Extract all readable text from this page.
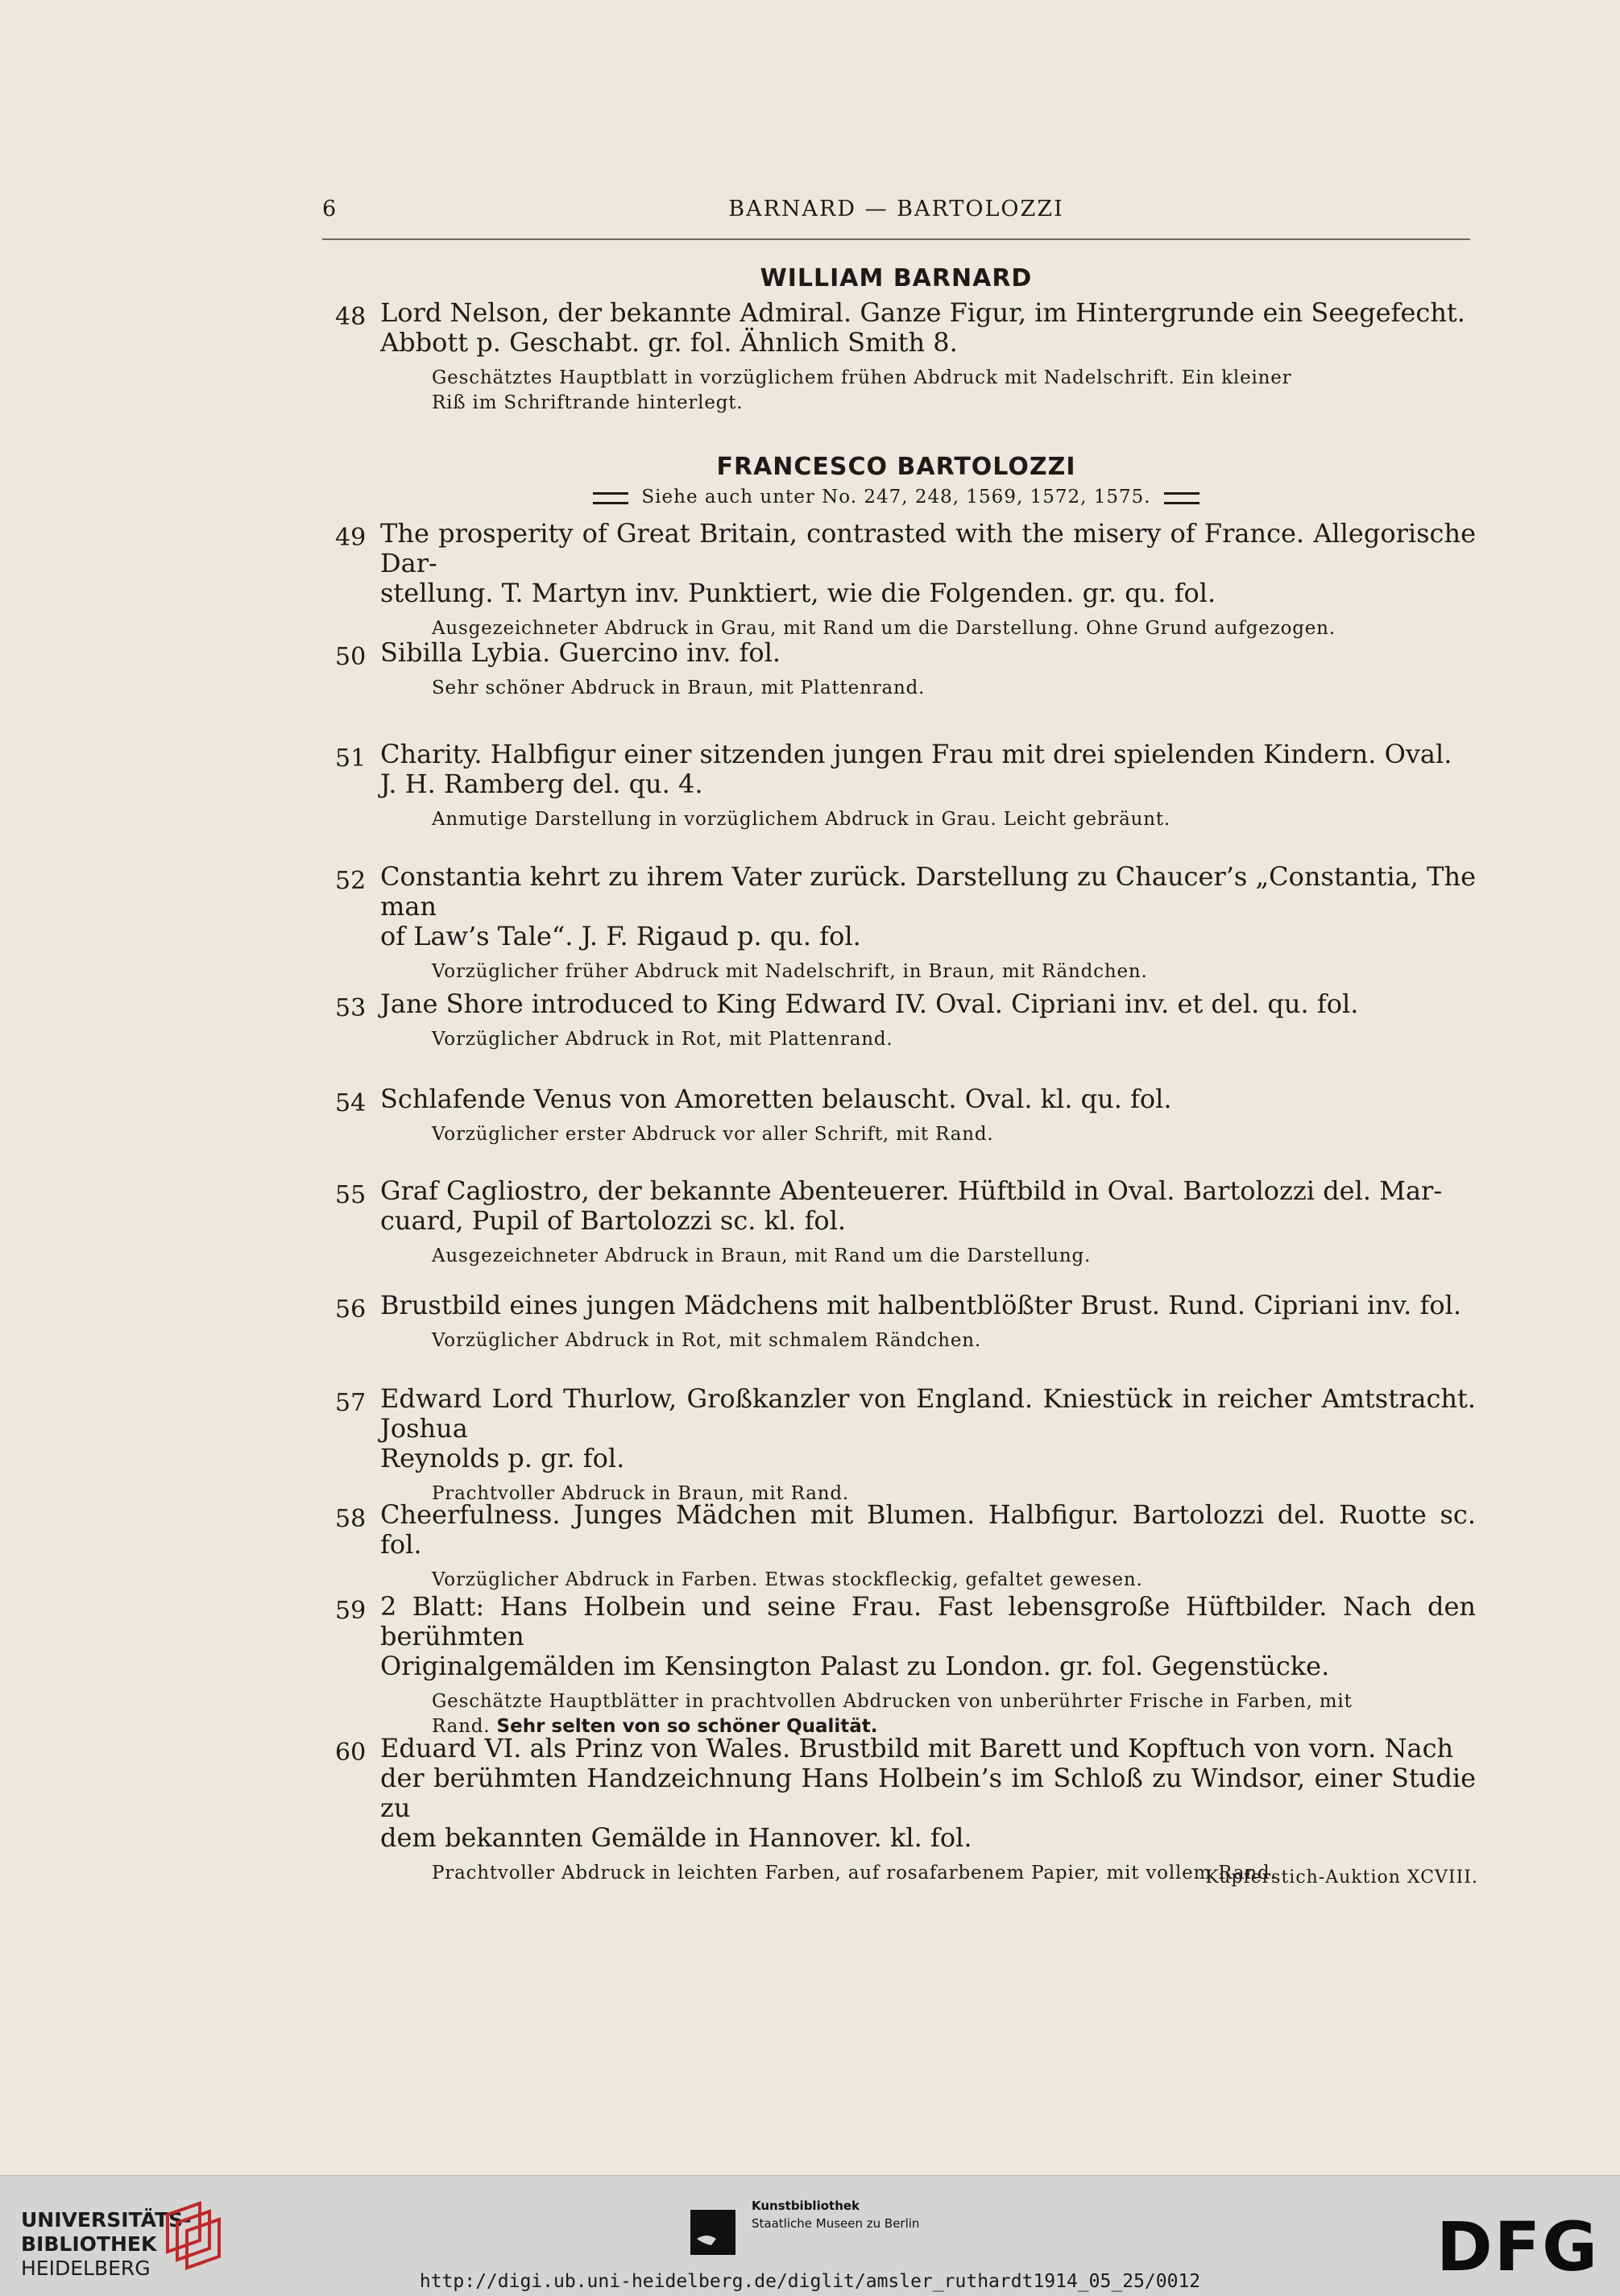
6	BARNARD — BARTOLOZZI
WILLIAM BARNARD
48 Lord Nelson, der bekannte Admiral. Ganze Figur, im Hintergrunde ein Seegefecht.
Abbott p. Geschabt. gr. fol. Ähnlich Smith 8.
Geschätztes Hauptblatt in vorzüglichem frühen Abdruck mit Nadelschrift. Ein kleiner
Riß im Schriftrande hinterlegt.
FRANCESCO BARTOLOZZI
Siehe auch unter No. 247, 248, 1569, 1572, 1575.
49 The prosperity of Great Britain, contrasted with the misery of France. Allegorische Dar-
stellung. T. Martyn inv. Punktiert, wie die Folgenden. gr. qu. fol.
Ausgezeichneter Abdruck in Grau, mit Rand um die Darstellung. Ohne Grund aufgezogen.
50 Sibilla Lybia. Guercino inv. fol.
Sehr schöner Abdruck in Braun, mit Plattenrand.
51 Charity. Halbfigur einer sitzenden jungen Frau mit drei spielenden Kindern. Oval.
J. H. Ramberg del. qu. 4.
Anmutige Darstellung in vorzüglichem Abdruck in Grau. Leicht gebräunt.
52 Constantia kehrt zu ihrem Vater zurück. Darstellung zu Chaucer’s „Constantia, The man
of Law’s Tale“. J. F. Rigaud p. qu. fol.
Vorzüglicher früher Abdruck mit Nadelschrift, in Braun, mit Rändchen.
53 Jane Shore introduced to King Edward IV. Oval. Cipriani inv. et del. qu. fol.
Vorzüglicher Abdruck in Rot, mit Plattenrand.
54 Schlafende Venus von Amoretten belauscht. Oval. kl. qu. fol.
Vorzüglicher erster Abdruck vor aller Schrift, mit Rand.
55 Graf Cagliostro, der bekannte Abenteuerer. Hüftbild in Oval. Bartolozzi del. Mar-
cuard, Pupil of Bartolozzi sc. kl. fol.
Ausgezeichneter Abdruck in Braun, mit Rand um die Darstellung.
56 Brustbild eines jungen Mädchens mit halbentblößter Brust. Rund. Cipriani inv. fol.
Vorzüglicher Abdruck in Rot, mit schmalem Rändchen.
57 Edward Lord Thurlow, Großkanzler von England. Kniestück in reicher Amtstracht. Joshua
Reynolds p. gr. fol.
Prachtvoller Abdruck in Braun, mit Rand.
58 Cheerfulness. Junges Mädchen mit Blumen. Halbfigur. Bartolozzi del. Ruotte sc. fol.
Vorzüglicher Abdruck in Farben. Etwas stockfleckig, gefaltet gewesen.
59 2 Blatt: Hans Holbein und seine Frau. Fast lebensgroße Hüftbilder. Nach den berühmten
Originalgemälden im Kensington Palast zu London. gr. fol. Gegenstücke.
Geschätzte Hauptblätter in prachtvollen Abdrucken von unberührter Frische in Farben, mit
Rand. Sehr selten von so schöner Qualität.
60 Eduard VI. als Prinz von Wales. Brustbild mit Barett und Kopftuch von vorn. Nach
der berühmten Handzeichnung Hans Holbein’s im Schloß zu Windsor, einer Studie zu
dem bekannten Gemälde in Hannover. kl. fol.
Prachtvoller Abdruck in leichten Farben, auf rosafarbenem Papier, mit vollem Rand.
Kupferstich-Auktion XCVIII.
UNIVERSITÄTS-
BIBLIOTHEK
HEIDELBERG
Kunstbibliothek
Staatliche Museen zu Berlin	DFG
http://digi.ub.uni-heidelberg.de/diglit/amsler_ruthardt1914_05_25/0012
